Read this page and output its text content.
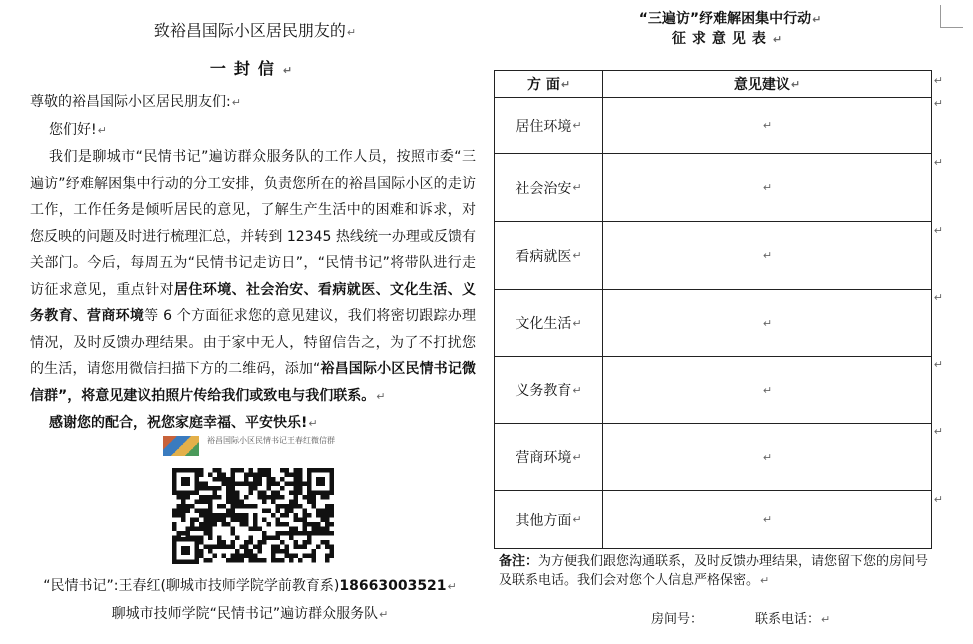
致裕昌国际小区居民朋友的↵
一封信↵

尊敬的裕昌国际小区居民朋友们:↵

您们好!↵

我们是聊城市“民情书记”遍访群众服务队的工作人员，按照市委“三遍访”纾难解困集中行动的分工安排，负责您所在的裕昌国际小区的走访工作，工作任务是倾听居民的意见，了解生产生活中的困难和诉求，对您反映的问题及时进行梳理汇总，并转到 12345 热线统一办理或反馈有关部门。今后，每周五为“民情书记走访日”，“民情书记”将带队进行走访征求意见，重点针对居住环境、社会治安、看病就医、文化生活、义务教育、营商环境等 6 个方面征求您的意见建议，我们将密切跟踪办理情况，及时反馈办理结果。由于家中无人，特留信告之，为了不打扰您的生活，请您用微信扫描下方的二维码，添加“裕昌国际小区民情书记微信群”，将意见建议拍照片传给我们或致电与我们联系。↵

感谢您的配合，祝您家庭幸福、平安快乐!↵

裕昌国际小区民情书记王春红微信群
“民情书记”:王春红(聊城市技师学院学前教育系)18663003521↵
聊城市技师学院“民情书记”遍访群众服务队↵
“三遍访”纾难解困集中行动↵
征求意见表↵
方 面 ↵	意见建议 ↵
居住环境 ↵	↵
社会治安 ↵	↵
看病就医 ↵	↵
文化生活 ↵	↵
义务教育 ↵	↵
营商环境 ↵	↵
其他方面 ↵	↵
↵
↵
↵
↵
↵
↵
↵
↵
备注：为方便我们跟您沟通联系，及时反馈办理结果，请您留下您的房间号及联系电话。我们会对您个人信息严格保密。↵
房间号：	联系电话：↵
